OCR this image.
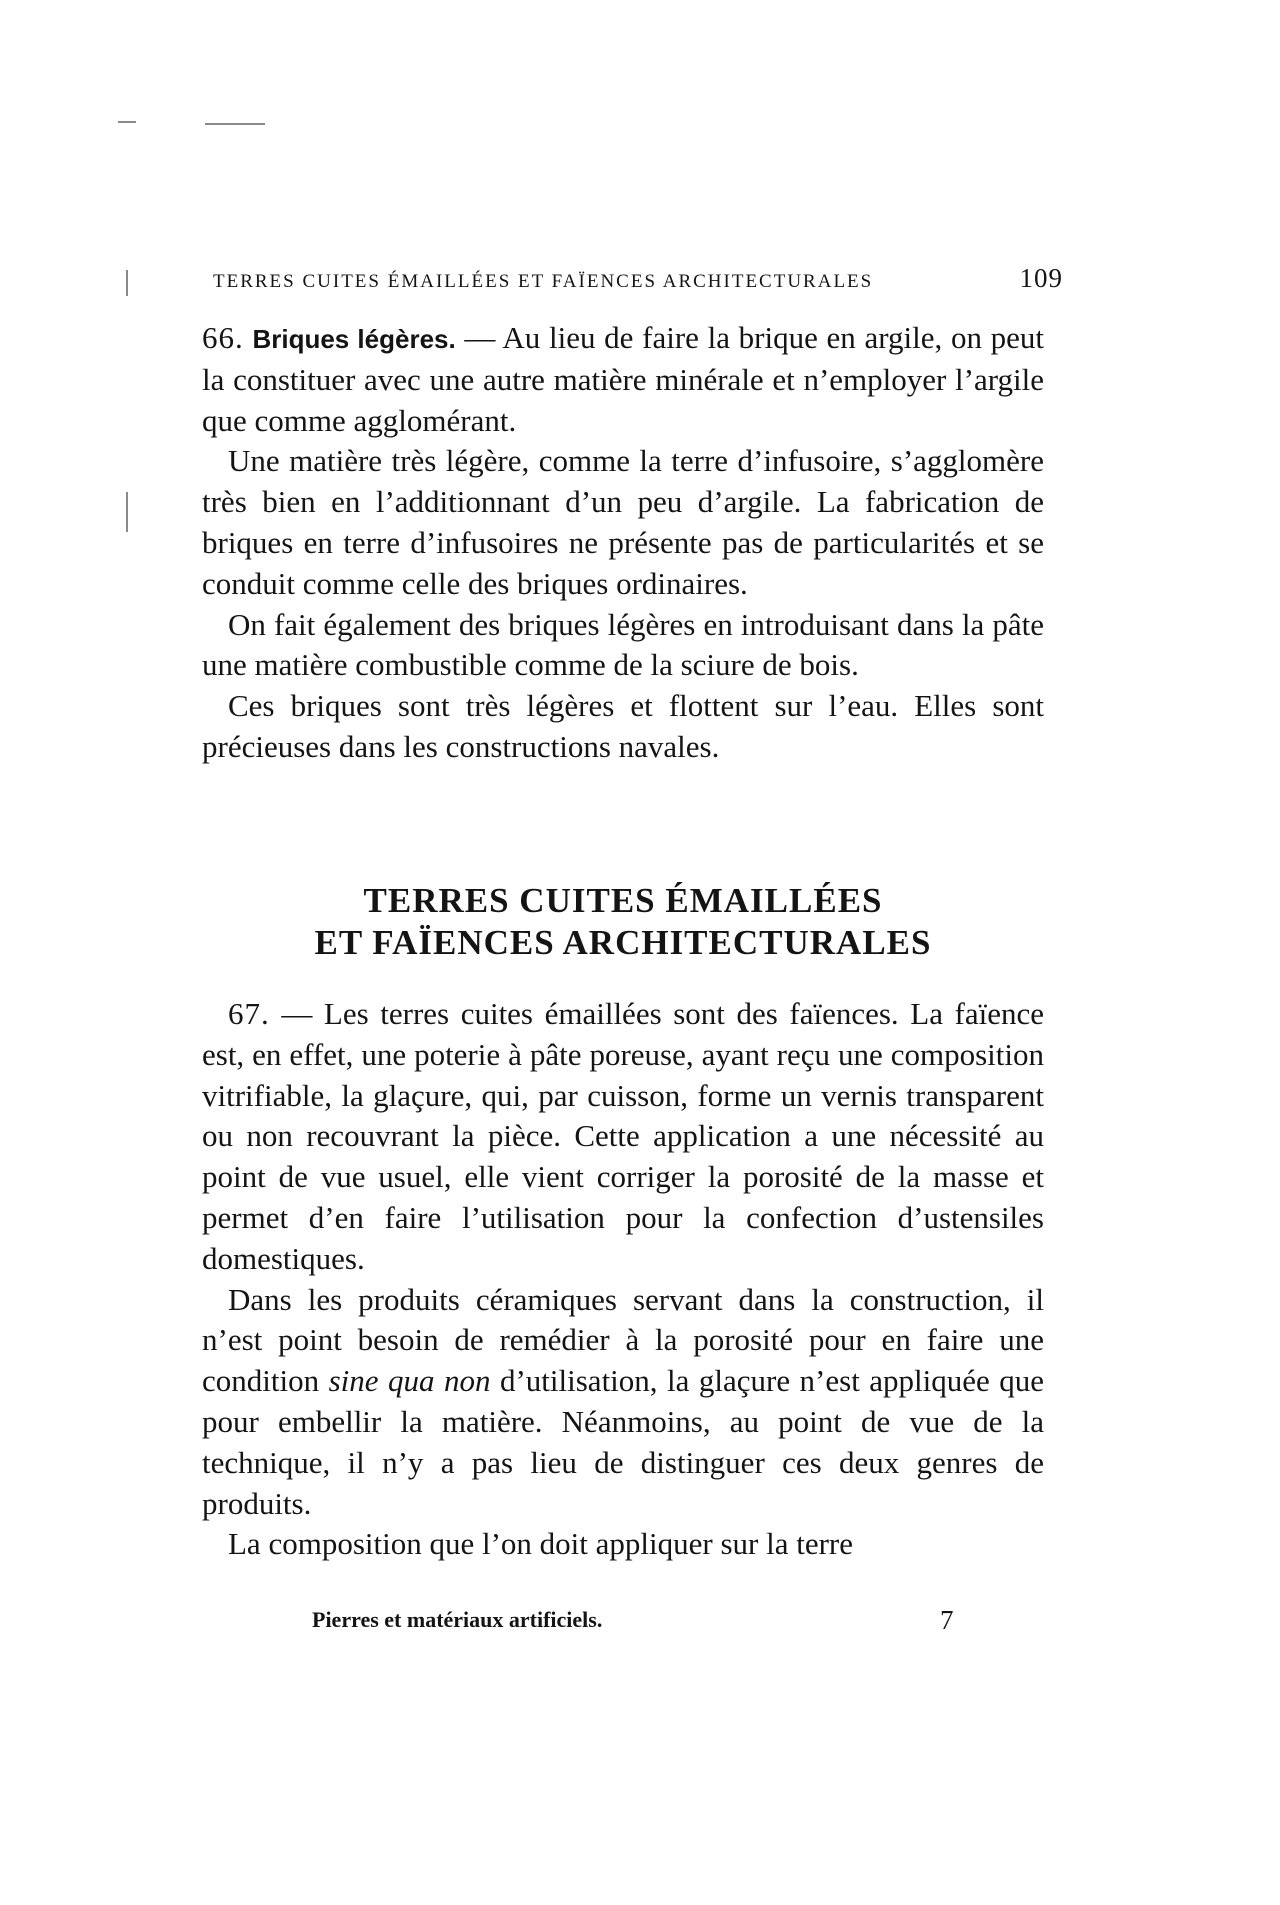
TERRES CUITES ÉMAILLÉES ET FAÏENCES ARCHITECTURALES	109

66. Briques légères. — Au lieu de faire la brique en argile, on peut la constituer avec une autre matière minérale et n’employer l’argile que comme agglomérant.

Une matière très légère, comme la terre d’infusoire, s’agglomère très bien en l’additionnant d’un peu d’argile. La fabrication de briques en terre d’infusoires ne présente pas de particularités et se conduit comme celle des briques ordinaires.

On fait également des briques légères en introduisant dans la pâte une matière combustible comme de la sciure de bois.

Ces briques sont très légères et flottent sur l’eau. Elles sont précieuses dans les constructions navales.

TERRES CUITES ÉMAILLÉES
ET FAÏENCES ARCHITECTURALES

67. — Les terres cuites émaillées sont des faïences. La faïence est, en effet, une poterie à pâte poreuse, ayant reçu une composition vitrifiable, la glaçure, qui, par cuisson, forme un vernis transparent ou non recouvrant la pièce. Cette application a une nécessité au point de vue usuel, elle vient corriger la porosité de la masse et permet d’en faire l’utilisation pour la confection d’ustensiles domestiques.

Dans les produits céramiques servant dans la construction, il n’est point besoin de remédier à la porosité pour en faire une condition sine qua non d’utilisation, la glaçure n’est appliquée que pour embellir la matière. Néanmoins, au point de vue de la technique, il n’y a pas lieu de distinguer ces deux genres de produits.

La composition que l’on doit appliquer sur la terre

Pierres et matériaux artificiels.	7
